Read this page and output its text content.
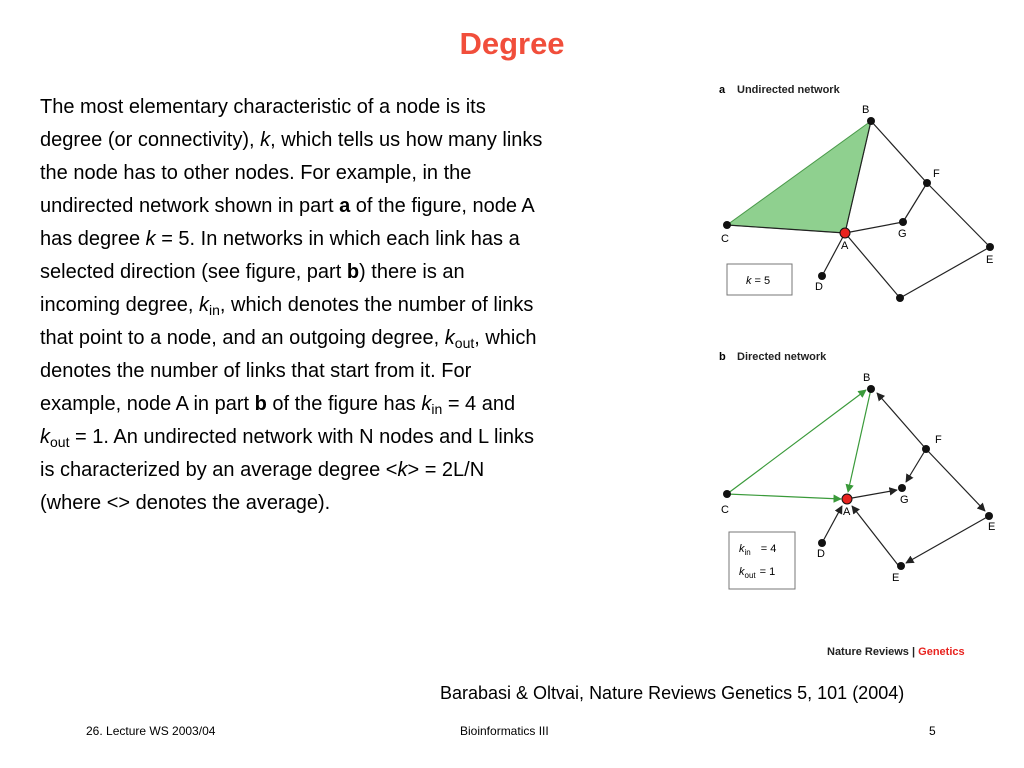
Degree
The most elementary characteristic of a node is its
degree (or connectivity), k, which tells us how many links
the node has to other nodes. For example, in the
undirected network shown in part a of the figure, node A
has degree k = 5. In networks in which each link has a
selected direction (see figure, part b) there is an
incoming degree, $k_{in}$, which denotes the number of links
that point to a node, and an outgoing degree, $k_{out}$, which
denotes the number of links that start from it. For
example, node A in part b of the figure has $k_{in} = 4$ and
$k_{out} = 1$. An undirected network with N nodes and L links
is characterized by an average degree <k> = 2L/N
(where <> denotes the average).
a Undirected network
B
C
A
F
G
E
D
k = 5
b Directed network
B
C	A
F
G
E
E
D
$k_{in} = 4$
$k_{out} = 1$
Nature Reviews | Genetics
Barabasi & Oltvai, Nature Reviews Genetics 5, 101 (2004)
26. Lecture WS 2003/04	Bioinformatics III	5
